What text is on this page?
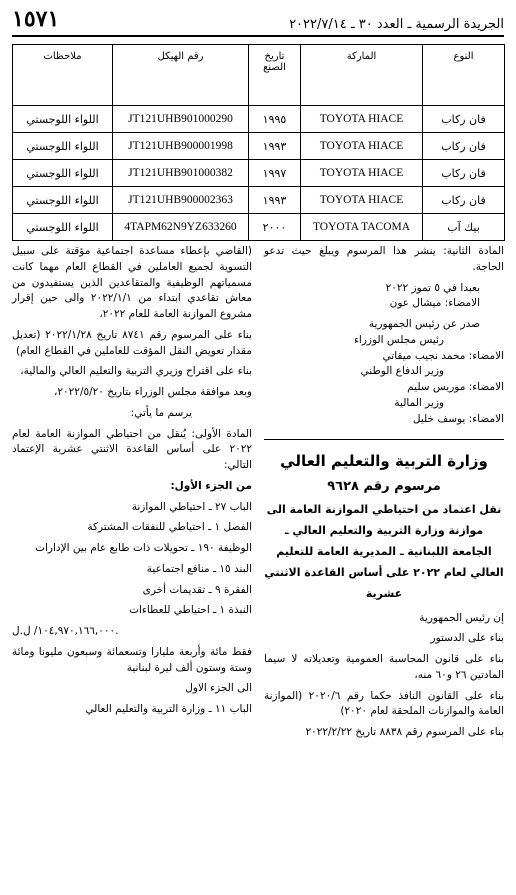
الجريدة الرسمية ـ العدد ٣٠ ـ ٢٠٢٢/٧/١٤
١٥٧١
النوع	الماركة	تاريخ الصنع	رقم الهيكل	ملاحظات
فان ركاب	TOYOTA HIACE	١٩٩٥	JT121UHB901000290	اللواء اللوجستي
فان ركاب	TOYOTA HIACE	١٩٩٣	JT121UHB900001998	اللواء اللوجستي
فان ركاب	TOYOTA HIACE	١٩٩٧	JT121UHB901000382	اللواء اللوجستي
فان ركاب	TOYOTA HIACE	١٩٩٣	JT121UHB900002363	اللواء اللوجستي
بيك آب	TOYOTA TACOMA	٢٠٠٠	4TAPM62N9YZ633260	اللواء اللوجستي

المادة الثانية: ينشر هذا المرسوم ويبلغ حيث تدعو الحاجة.

بعبدا في ٥ تموز ٢٠٢٢
الامضاء: ميشال عون
صدر عن رئيس الجمهورية
رئيس مجلس الوزراء
الامضاء: محمد نجيب ميقاتي
وزير الدفاع الوطني
الامضاء: موريس سليم
وزير المالية
الامضاء: يوسف خليل
وزارة التربية والتعليم العالي
مرسوم رقم ٩٦٢٨
نقل اعتماد من احتياطي الموازنة العامة الى موازنة وزارة التربية والتعليم العالي ـ الجامعة اللبنانية ـ المديرية العامة للتعليم العالي لعام ٢٠٢٢ على أساس القاعدة الاثنتي عشرية

إن رئيس الجمهورية

بناء على الدستور

بناء على قانون المحاسبة العمومية وتعديلاته لا سيما المادتين ٢٦ و٦٠ منه،

بناء على القانون النافذ حكما رقم ٢٠٢٠/٦ (الموازنة العامة والموازنات الملحقة لعام ٢٠٢٠)

بناء على المرسوم رقم ٨٨٣٨ تاريخ ٢٠٢٢/٢/٢٢

(القاضي بإعطاء مساعدة اجتماعية مؤقتة على سبيل التسوية لجميع العاملين في القطاع العام مهما كانت مسمياتهم الوظيفية والمتقاعدين الذين يستفيدون من معاش تقاعدي ابتداء من ٢٠٢٢/١/١ والى حين إقرار مشروع الموازنة العامة للعام ٢٠٢٢،

بناء على المرسوم رقم ٨٧٤١ تاريخ ٢٠٢٢/١/٢٨ (تعديل مقدار تعويض النقل المؤقت للعاملين في القطاع العام)

بناء على اقتراح وزيري التربية والتعليم العالي والمالية،

وبعد موافقة مجلس الوزراء بتاريخ ٢٠٢٢/٥/٢٠،

يرسم ما يأتي:

المادة الأولى: يُنقل من احتياطي الموازنة العامة لعام ٢٠٢٢ على أساس القاعدة الاثنتي عشرية الإعتماد التالي:

من الجزء الأول:

الباب ٢٧ ـ احتياطي الموازنة

الفصل ١ ـ احتياطي للنفقات المشتركة

الوظيفة ١٩٠ ـ تحويلات ذات طابع عام بين الإدارات

البند ١٥ ـ منافع اجتماعية

الفقرة ٩ ـ تقديمات أخرى

النبذة ١ ـ احتياطي للعطاءات

١٠٤,٩٧٠,١٦٦,٠٠٠/ ل.ل.

فقط مائة وأربعة مليارا وتسعمائة وسبعون مليونا ومائة وستة وستون ألف ليرة لبنانية

الى الجزء الاول

الباب ١١ ـ وزارة التربية والتعليم العالي
